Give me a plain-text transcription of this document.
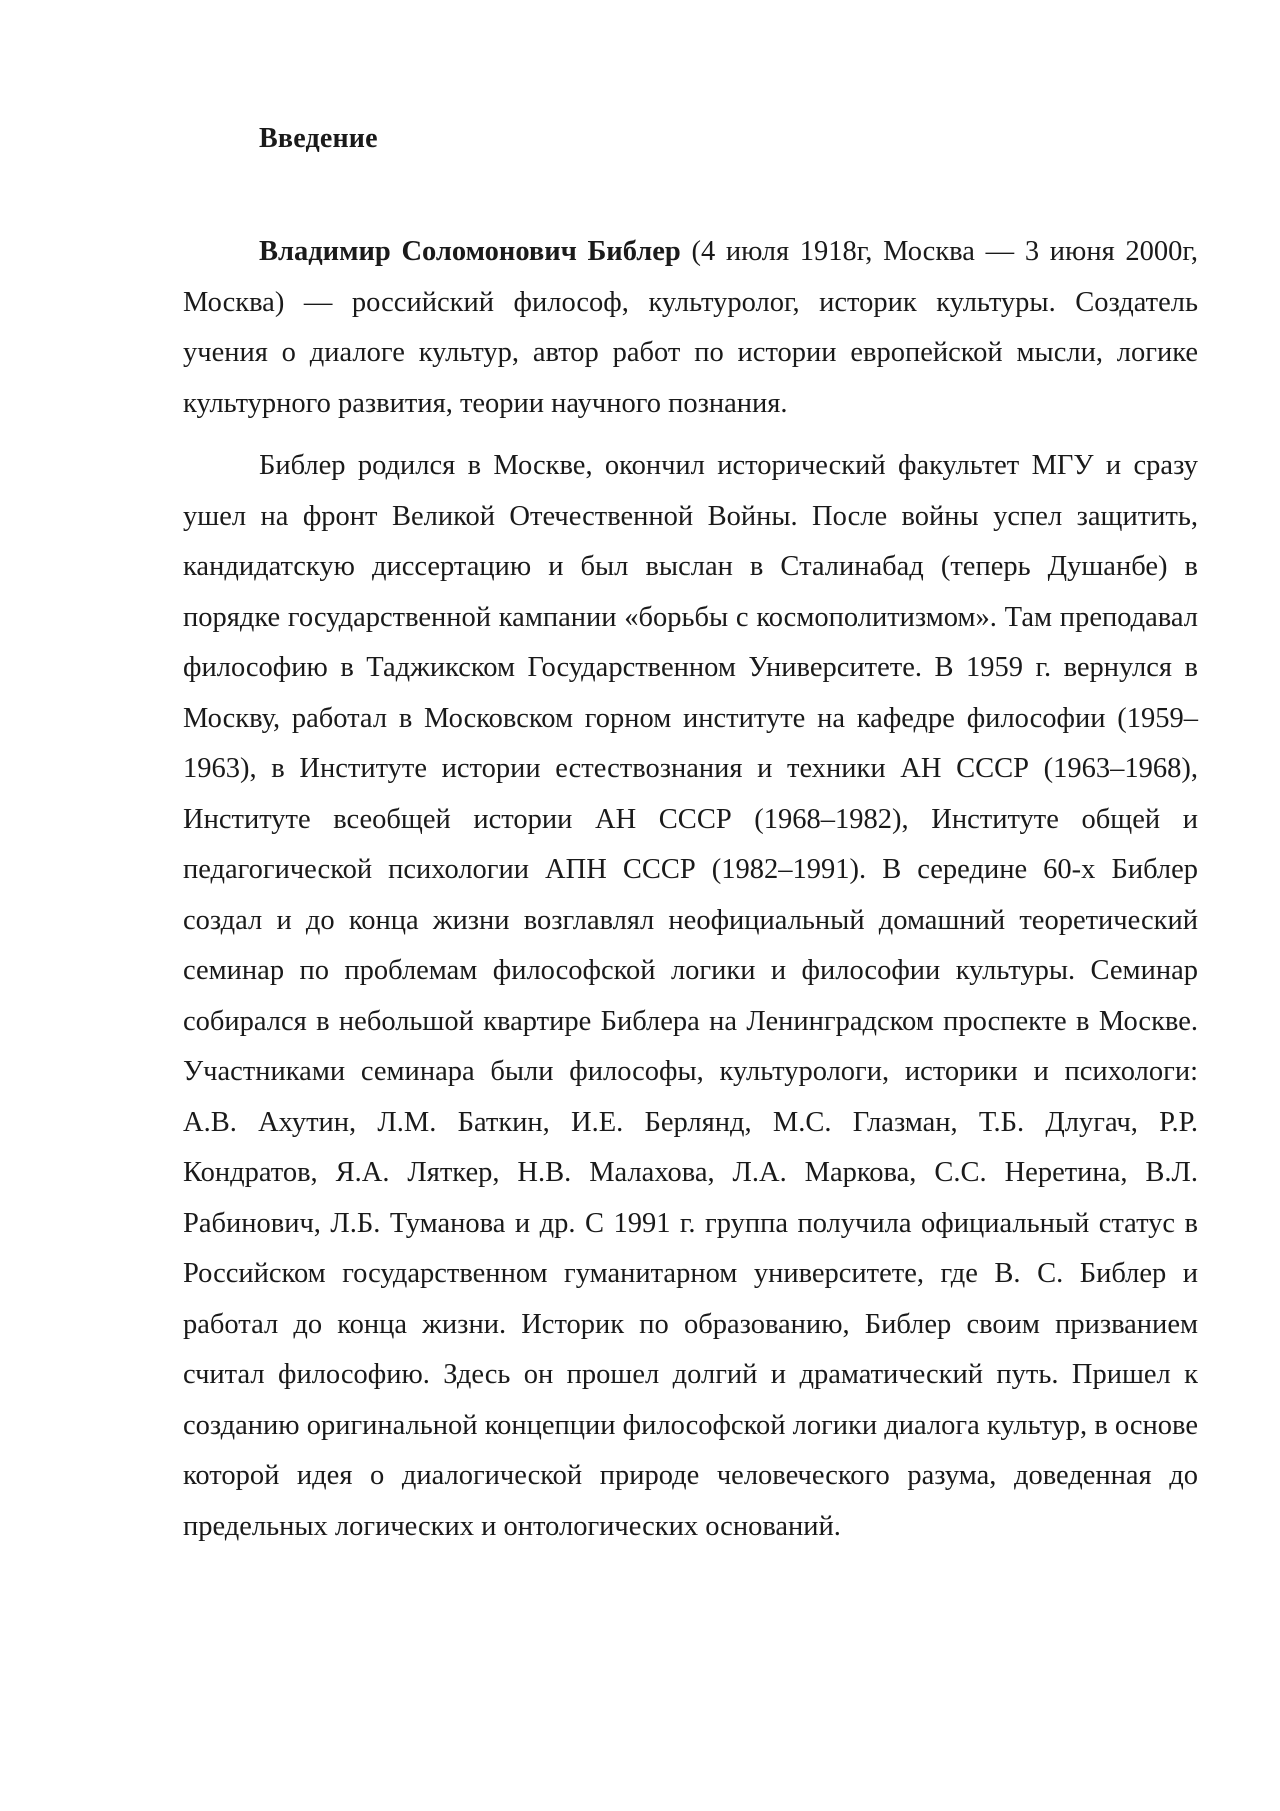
Введение

Владимир Соломонович Библер (4 июля 1918г, Москва — 3 июня 2000г, Москва) — российский философ, культуролог, историк культуры. Создатель учения о диалоге культур, автор работ по истории европейской мысли, логике культурного развития, теории научного познания.

Библер родился в Москве, окончил исторический факультет МГУ и сразу ушел на фронт Великой Отечественной Войны. После войны успел защитить, кандидатскую диссертацию и был выслан в Сталинабад (теперь Душанбе) в порядке государственной кампании «борьбы с космополитизмом». Там преподавал философию в Таджикском Государственном Университете. В 1959 г. вернулся в Москву, работал в Московском горном институте на кафедре философии (1959–1963), в Институте истории естествознания и техники АН СССР (1963–1968), Институте всеобщей истории АН СССР (1968–1982), Институте общей и педагогической психологии АПН СССР (1982–1991). В середине 60-х Библер создал и до конца жизни возглавлял неофициальный домашний теоретический семинар по проблемам философской логики и философии культуры. Семинар собирался в небольшой квартире Библера на Ленинградском проспекте в Москве. Участниками семинара были философы, культурологи, историки и психологи: А.В. Ахутин, Л.М. Баткин, И.Е. Берлянд, М.С. Глазман, Т.Б. Длугач, Р.Р. Кондратов, Я.А. Ляткер, Н.В. Малахова, Л.А. Маркова, С.С. Неретина, В.Л. Рабинович, Л.Б. Туманова и др. С 1991 г. группа получила официальный статус в Российском государственном гуманитарном университете, где В. С. Библер и работал до конца жизни. Историк по образованию, Библер своим призванием считал философию. Здесь он прошел долгий и драматический путь. Пришел к созданию оригинальной концепции философской логики диалога культур, в основе которой идея о диалогической природе человеческого разума, доведенная до предельных логических и онтологических оснований.
